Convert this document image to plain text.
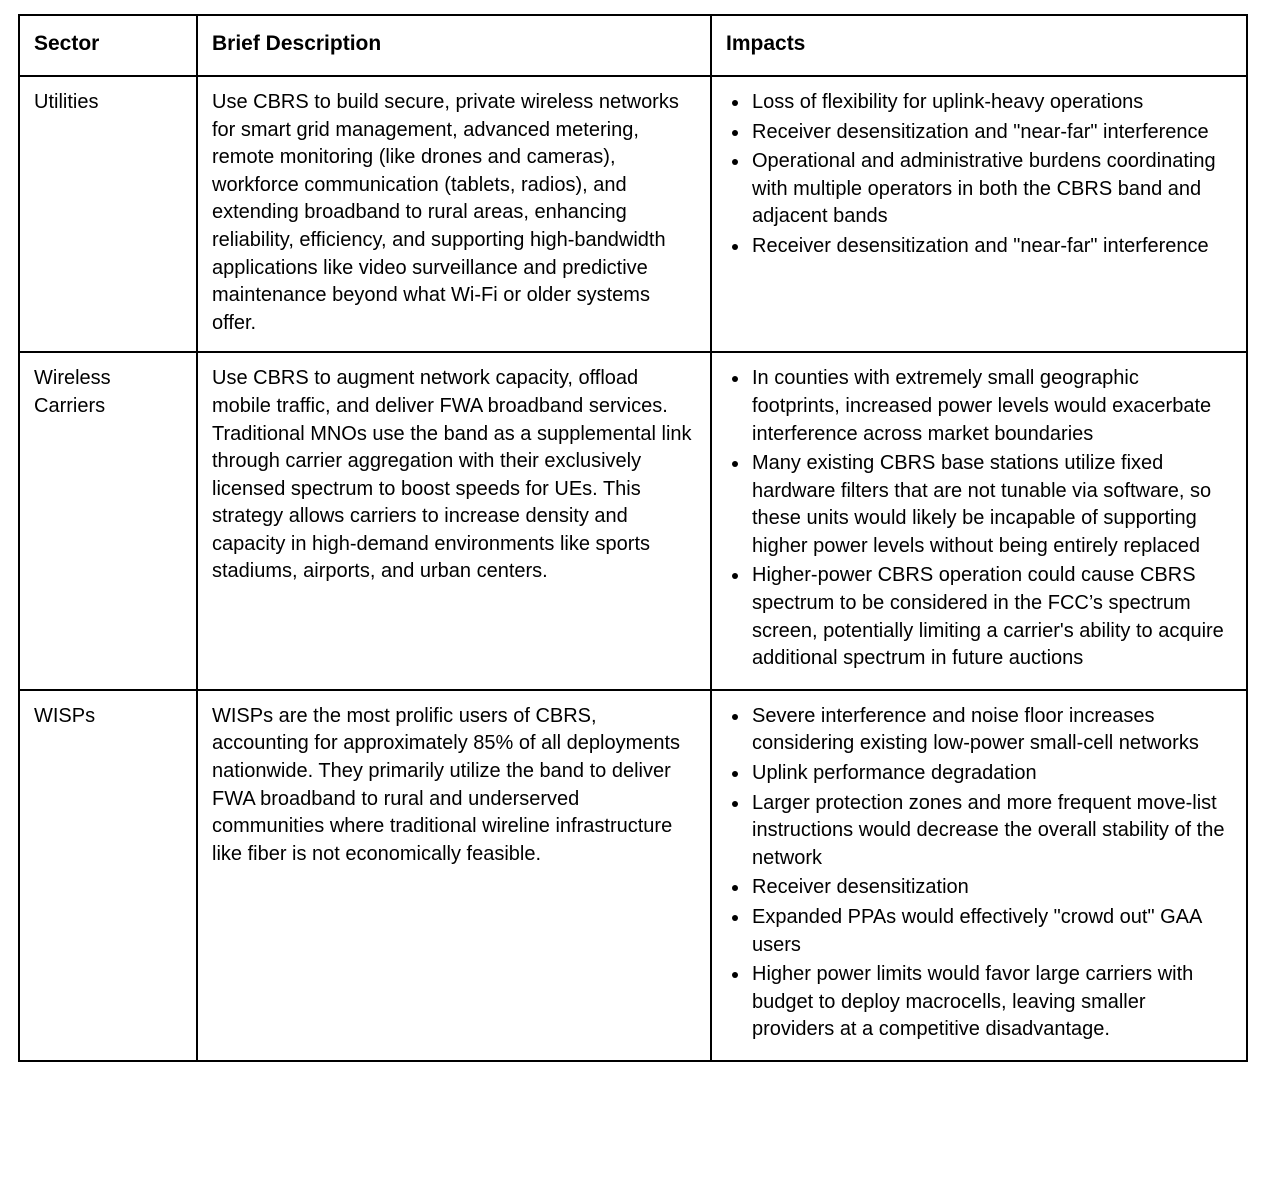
Sector	Brief Description	Impacts
Utilities	Use CBRS to build secure, private wireless networks for smart grid management, advanced metering, remote monitoring (like drones and cameras), workforce communication (tablets, radios), and extending broadband to rural areas, enhancing reliability, efficiency, and supporting high-bandwidth applications like video surveillance and predictive maintenance beyond what Wi-Fi or older systems offer.	
• Loss of flexibility for uplink-heavy operations
• Receiver desensitization and "near-far" interference
• Operational and administrative burdens coordinating with multiple operators in both the CBRS band and adjacent bands
• Receiver desensitization and "near-far" interference

Wireless Carriers	Use CBRS to augment network capacity, offload mobile traffic, and deliver FWA broadband services. Traditional MNOs use the band as a supplemental link through carrier aggregation with their exclusively licensed spectrum to boost speeds for UEs. This strategy allows carriers to increase density and capacity in high-demand environments like sports stadiums, airports, and urban centers.	
• In counties with extremely small geographic footprints, increased power levels would exacerbate interference across market boundaries
• Many existing CBRS base stations utilize fixed hardware filters that are not tunable via software, so these units would likely be incapable of supporting higher power levels without being entirely replaced
• Higher-power CBRS operation could cause CBRS spectrum to be considered in the FCC’s spectrum screen, potentially limiting a carrier's ability to acquire additional spectrum in future auctions

WISPs	WISPs are the most prolific users of CBRS, accounting for approximately 85% of all deployments nationwide. They primarily utilize the band to deliver FWA broadband to rural and underserved communities where traditional wireline infrastructure like fiber is not economically feasible.	
• Severe interference and noise floor increases considering existing low-power small-cell networks
• Uplink performance degradation
• Larger protection zones and more frequent move-list instructions would decrease the overall stability of the network
• Receiver desensitization
• Expanded PPAs would effectively "crowd out" GAA users
• Higher power limits would favor large carriers with budget to deploy macrocells, leaving smaller providers at a competitive disadvantage.
